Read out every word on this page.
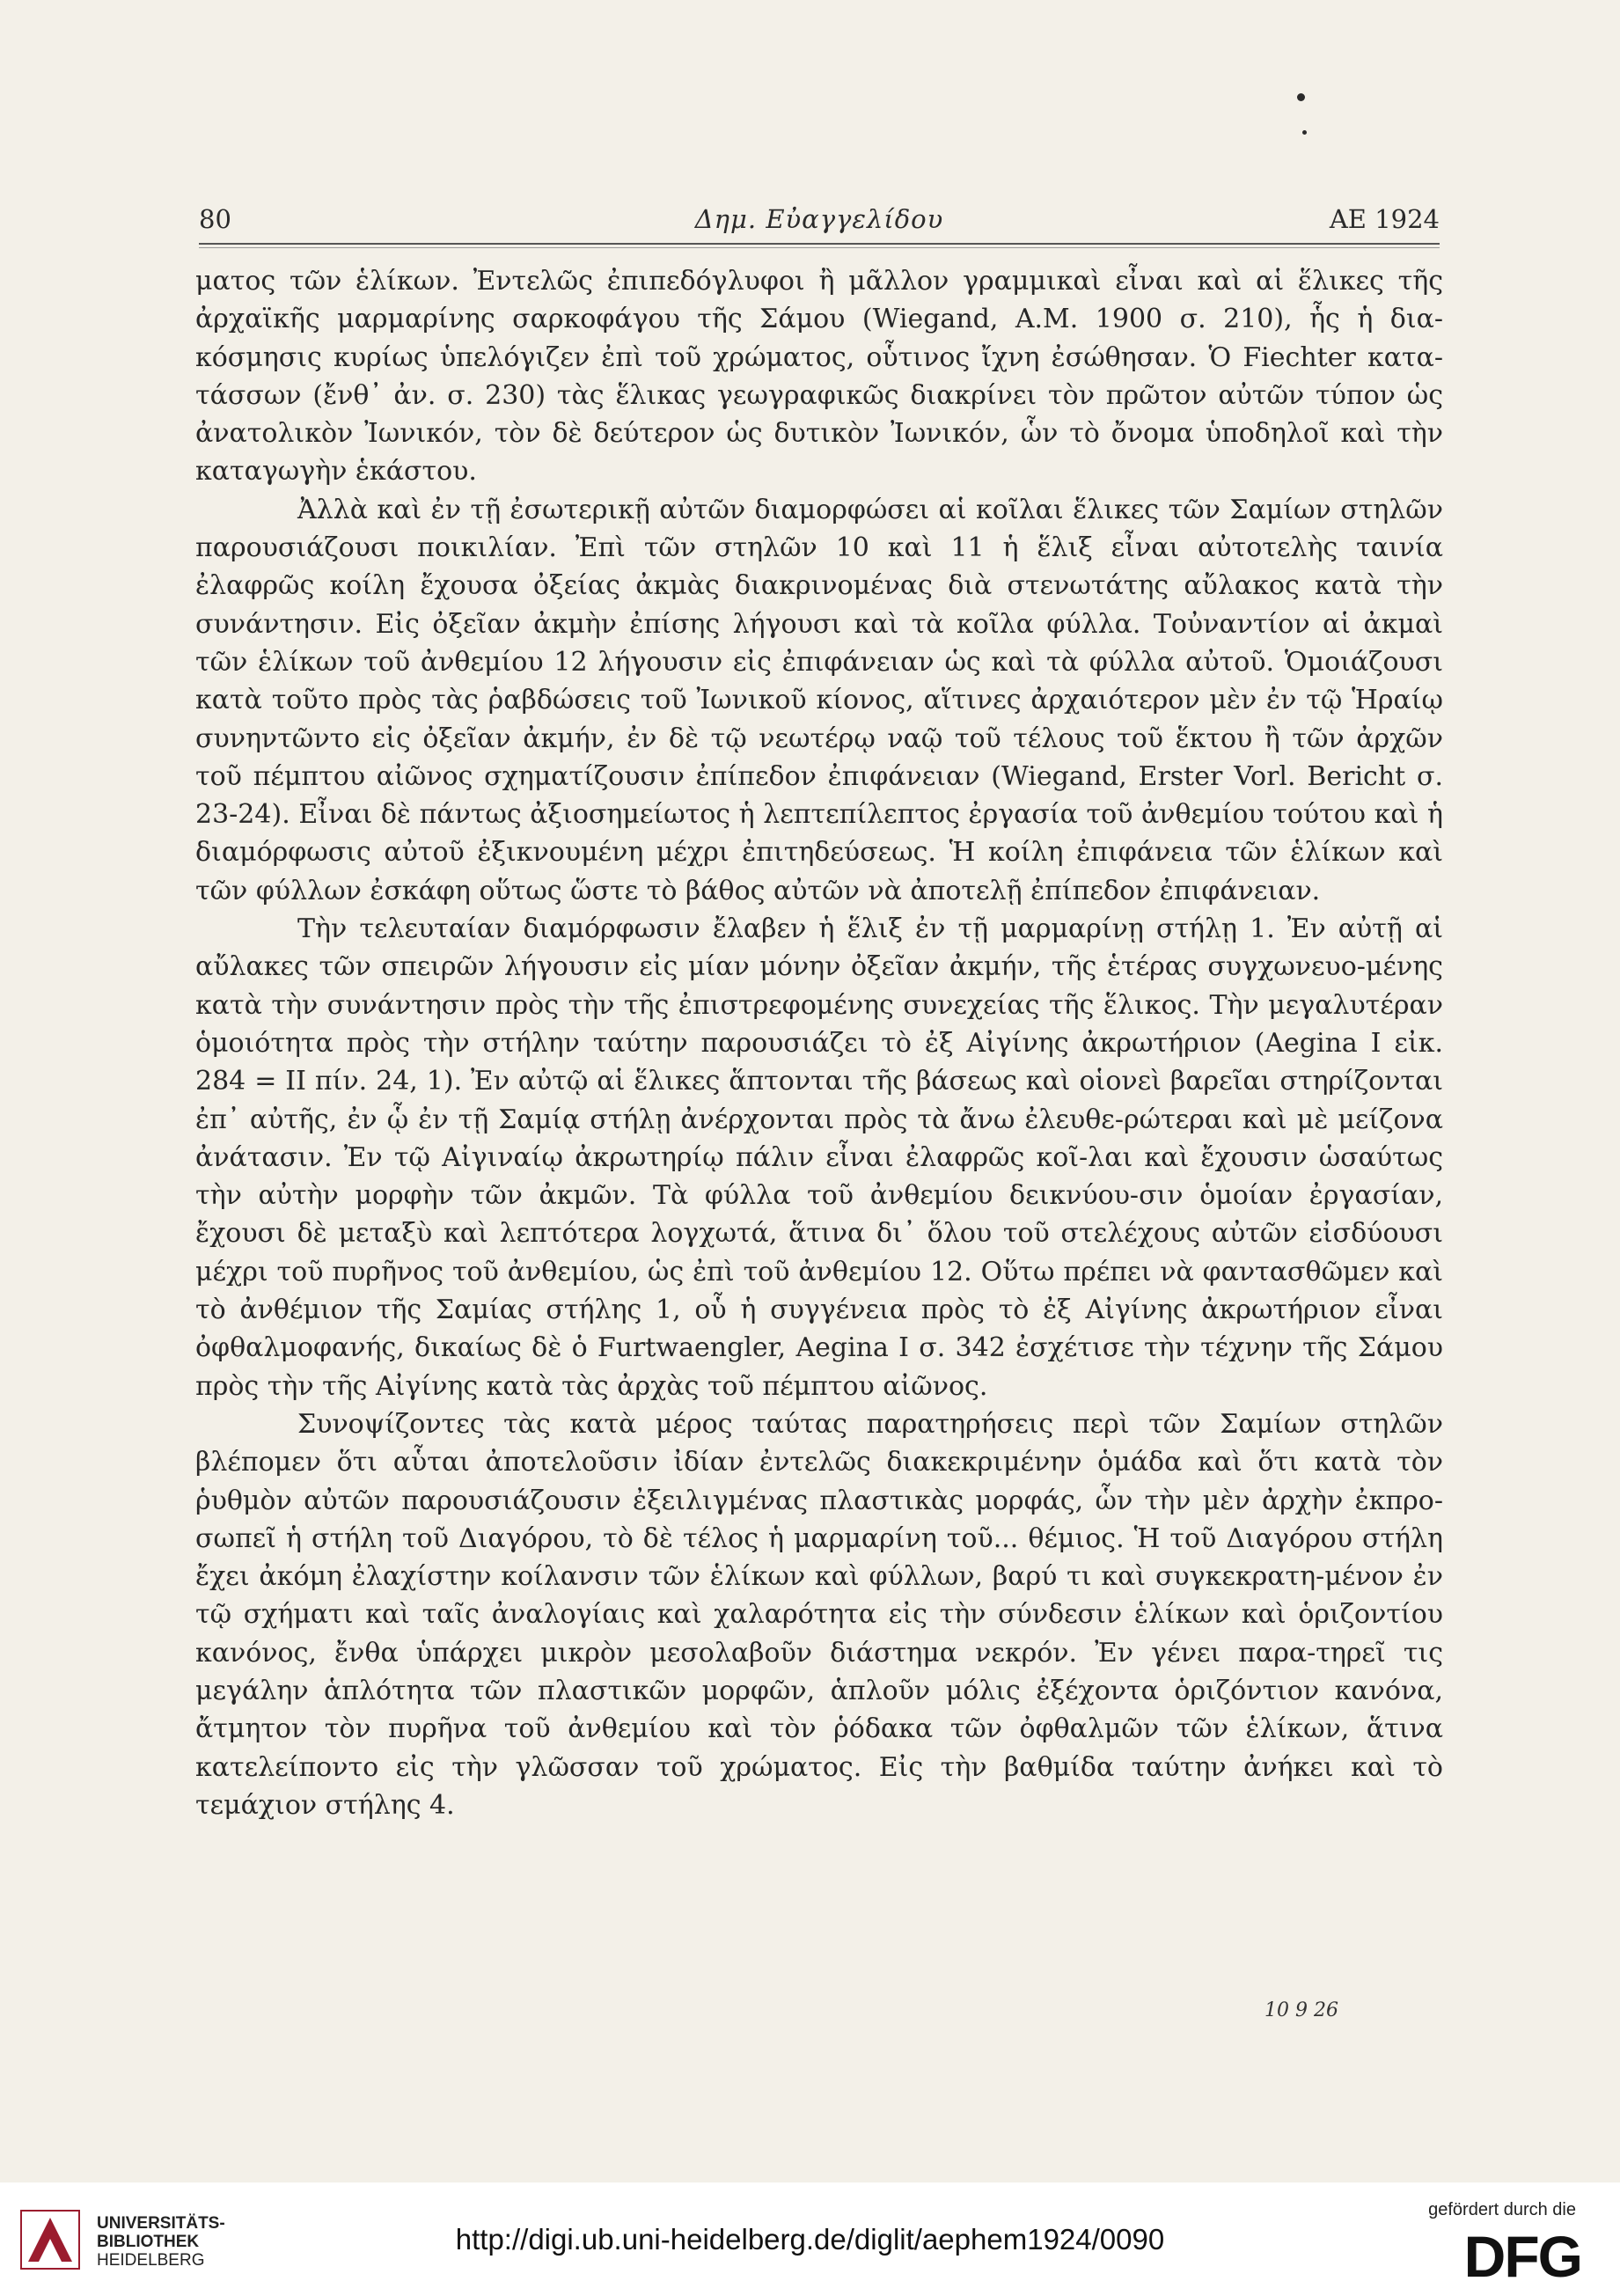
80	Δημ. Εὐαγγελίδου	ΑΕ 1924

ματος τῶν ἑλίκων. Ἐντελῶς ἐπιπεδόγλυφοι ἢ μᾶλλον γραμμικαὶ εἶναι καὶ αἱ ἕλικες τῆς ἀρχαϊκῆς μαρμαρίνης σαρκοφάγου τῆς Σάμου (Wiegand, A.M. 1900 σ. 210), ἧς ἡ δια-κόσμησις κυρίως ὑπελόγιζεν ἐπὶ τοῦ χρώματος, οὗτινος ἴχνη ἐσώθησαν. Ὁ Fiechter κατα-τάσσων (ἔνθ᾽ ἀν. σ. 230) τὰς ἕλικας γεωγραφικῶς διακρίνει τὸν πρῶτον αὐτῶν τύπον ὡς ἀνατολικὸν Ἰωνικόν, τὸν δὲ δεύτερον ὡς δυτικὸν Ἰωνικόν, ὧν τὸ ὄνομα ὑποδηλοῖ καὶ τὴν καταγωγὴν ἑκάστου.

Ἀλλὰ καὶ ἐν τῇ ἐσωτερικῇ αὐτῶν διαμορφώσει αἱ κοῖλαι ἕλικες τῶν Σαμίων στηλῶν παρουσιάζουσι ποικιλίαν. Ἐπὶ τῶν στηλῶν 10 καὶ 11 ἡ ἕλιξ εἶναι αὐτοτελὴς ταινία ἐλαφρῶς κοίλη ἔχουσα ὀξείας ἀκμὰς διακρινομένας διὰ στενωτάτης αὔλακος κατὰ τὴν συνάντησιν. Εἰς ὀξεῖαν ἀκμὴν ἐπίσης λήγουσι καὶ τὰ κοῖλα φύλλα. Τοὐναντίον αἱ ἀκμαὶ τῶν ἑλίκων τοῦ ἀνθεμίου 12 λήγουσιν εἰς ἐπιφάνειαν ὡς καὶ τὰ φύλλα αὐτοῦ. Ὁμοιάζουσι κατὰ τοῦτο πρὸς τὰς ῥαβδώσεις τοῦ Ἰωνικοῦ κίονος, αἵτινες ἀρχαιότερον μὲν ἐν τῷ Ἡραίῳ συνηντῶντο εἰς ὀξεῖαν ἀκμήν, ἐν δὲ τῷ νεωτέρῳ ναῷ τοῦ τέλους τοῦ ἕκτου ἢ τῶν ἀρχῶν τοῦ πέμπτου αἰῶνος σχηματίζουσιν ἐπίπεδον ἐπιφάνειαν (Wiegand, Erster Vorl. Bericht σ. 23-24). Εἶναι δὲ πάντως ἀξιοσημείωτος ἡ λεπτεπίλεπτος ἐργασία τοῦ ἀνθεμίου τούτου καὶ ἡ διαμόρφωσις αὐτοῦ ἐξικνουμένη μέχρι ἐπιτηδεύσεως. Ἡ κοίλη ἐπιφάνεια τῶν ἑλίκων καὶ τῶν φύλλων ἐσκάφη οὕτως ὥστε τὸ βάθος αὐτῶν νὰ ἀποτελῇ ἐπίπεδον ἐπιφάνειαν.

Τὴν τελευταίαν διαμόρφωσιν ἔλαβεν ἡ ἕλιξ ἐν τῇ μαρμαρίνῃ στήλῃ 1. Ἐν αὐτῇ αἱ αὔλακες τῶν σπειρῶν λήγουσιν εἰς μίαν μόνην ὀξεῖαν ἀκμήν, τῆς ἑτέρας συγχωνευο-μένης κατὰ τὴν συνάντησιν πρὸς τὴν τῆς ἐπιστρεφομένης συνεχείας τῆς ἕλικος. Τὴν μεγαλυτέραν ὁμοιότητα πρὸς τὴν στήλην ταύτην παρουσιάζει τὸ ἐξ Αἰγίνης ἀκρωτήριον (Aegina I εἰκ. 284 = II πίν. 24, 1). Ἐν αὐτῷ αἱ ἕλικες ἅπτονται τῆς βάσεως καὶ οἱονεὶ βαρεῖαι στηρίζονται ἐπ᾽ αὐτῆς, ἐν ᾧ ἐν τῇ Σαμίᾳ στήλῃ ἀνέρχονται πρὸς τὰ ἄνω ἐλευθε-ρώτεραι καὶ μὲ μείζονα ἀνάτασιν. Ἐν τῷ Αἰγιναίῳ ἀκρωτηρίῳ πάλιν εἶναι ἐλαφρῶς κοῖ-λαι καὶ ἔχουσιν ὡσαύτως τὴν αὐτὴν μορφὴν τῶν ἀκμῶν. Τὰ φύλλα τοῦ ἀνθεμίου δεικνύου-σιν ὁμοίαν ἐργασίαν, ἔχουσι δὲ μεταξὺ καὶ λεπτότερα λογχωτά, ἅτινα δι᾽ ὅλου τοῦ στελέχους αὐτῶν εἰσδύουσι μέχρι τοῦ πυρῆνος τοῦ ἀνθεμίου, ὡς ἐπὶ τοῦ ἀνθεμίου 12. Οὕτω πρέπει νὰ φαντασθῶμεν καὶ τὸ ἀνθέμιον τῆς Σαμίας στήλης 1, οὗ ἡ συγγένεια πρὸς τὸ ἐξ Αἰγίνης ἀκρωτήριον εἶναι ὀφθαλμοφανής, δικαίως δὲ ὁ Furtwaengler, Aegina I σ. 342 ἐσχέτισε τὴν τέχνην τῆς Σάμου πρὸς τὴν τῆς Αἰγίνης κατὰ τὰς ἀρχὰς τοῦ πέμπτου αἰῶνος.

Συνοψίζοντες τὰς κατὰ μέρος ταύτας παρατηρήσεις περὶ τῶν Σαμίων στηλῶν βλέπομεν ὅτι αὗται ἀποτελοῦσιν ἰδίαν ἐντελῶς διακεκριμένην ὁμάδα καὶ ὅτι κατὰ τὸν ῥυθμὸν αὐτῶν παρουσιάζουσιν ἐξειλιγμένας πλαστικὰς μορφάς, ὧν τὴν μὲν ἀρχὴν ἐκπρο-σωπεῖ ἡ στήλη τοῦ Διαγόρου, τὸ δὲ τέλος ἡ μαρμαρίνη τοῦ... θέμιος. Ἡ τοῦ Διαγόρου στήλη ἔχει ἀκόμη ἐλαχίστην κοίλανσιν τῶν ἑλίκων καὶ φύλλων, βαρύ τι καὶ συγκεκρατη-μένον ἐν τῷ σχήματι καὶ ταῖς ἀναλογίαις καὶ χαλαρότητα εἰς τὴν σύνδεσιν ἑλίκων καὶ ὁριζοντίου κανόνος, ἔνθα ὑπάρχει μικρὸν μεσολαβοῦν διάστημα νεκρόν. Ἐν γένει παρα-τηρεῖ τις μεγάλην ἁπλότητα τῶν πλαστικῶν μορφῶν, ἁπλοῦν μόλις ἐξέχοντα ὁριζόντιον κανόνα, ἄτμητον τὸν πυρῆνα τοῦ ἀνθεμίου καὶ τὸν ῥόδακα τῶν ὀφθαλμῶν τῶν ἑλίκων, ἅτινα κατελείποντο εἰς τὴν γλῶσσαν τοῦ χρώματος. Εἰς τὴν βαθμίδα ταύτην ἀνήκει καὶ τὸ τεμάχιον στήλης 4.

10 9 26
UNIVERSITÄTS-
BIBLIOTHEK
HEIDELBERG
http://digi.ub.uni-heidelberg.de/diglit/aephem1924/0090
gefördert durch die
DFG
